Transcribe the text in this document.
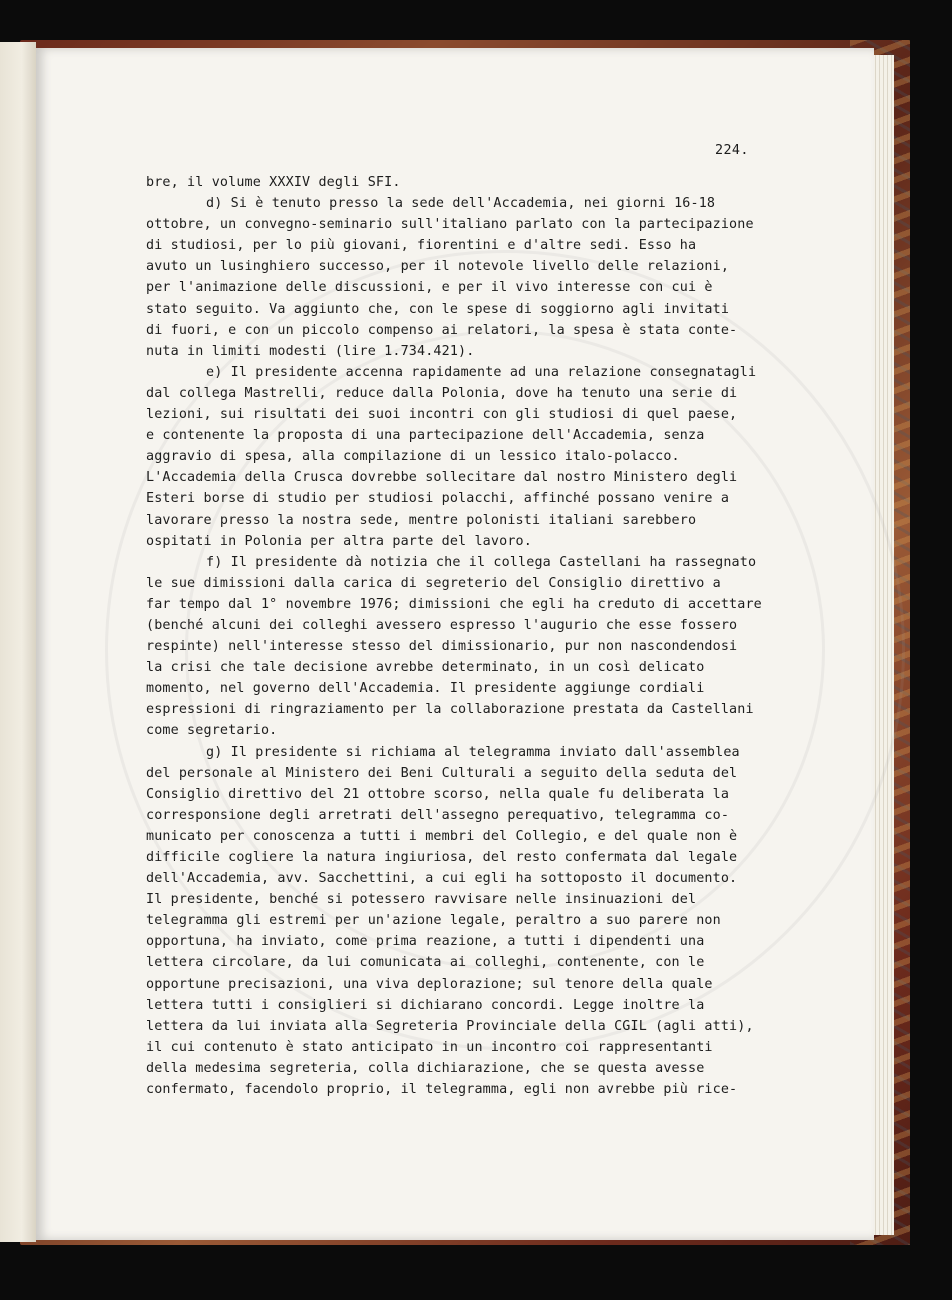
224.
bre, il volume XXXIV degli SFI.
d) Si è tenuto presso la sede dell'Accademia, nei giorni 16-18
ottobre, un convegno-seminario sull'italiano parlato con la partecipazione
di studiosi, per lo più giovani, fiorentini e d'altre sedi. Esso ha
avuto un lusinghiero successo, per il notevole livello delle relazioni,
per l'animazione delle discussioni, e per il vivo interesse con cui è
stato seguito. Va aggiunto che, con le spese di soggiorno agli invitati
di fuori, e con un piccolo compenso ai relatori, la spesa è stata conte-
nuta in limiti modesti (lire 1.734.421).
e) Il presidente accenna rapidamente ad una relazione consegnatagli
dal collega Mastrelli, reduce dalla Polonia, dove ha tenuto una serie di
lezioni, sui risultati dei suoi incontri con gli studiosi di quel paese,
e contenente la proposta di una partecipazione dell'Accademia, senza
aggravio di spesa, alla compilazione di un lessico italo-polacco.
L'Accademia della Crusca dovrebbe sollecitare dal nostro Ministero degli
Esteri borse di studio per studiosi polacchi, affinché possano venire a
lavorare presso la nostra sede, mentre polonisti italiani sarebbero
ospitati in Polonia per altra parte del lavoro.
f) Il presidente dà notizia che il collega Castellani ha rassegnato
le sue dimissioni dalla carica di segreterio del Consiglio direttivo a
far tempo dal 1° novembre 1976; dimissioni che egli ha creduto di accettare
(benché alcuni dei colleghi avessero espresso l'augurio che esse fossero
respinte) nell'interesse stesso del dimissionario, pur non nascondendosi
la crisi che tale decisione avrebbe determinato, in un così delicato
momento, nel governo dell'Accademia. Il presidente aggiunge cordiali
espressioni di ringraziamento per la collaborazione prestata da Castellani
come segretario.
g) Il presidente si richiama al telegramma inviato dall'assemblea
del personale al Ministero dei Beni Culturali a seguito della seduta del
Consiglio direttivo del 21 ottobre scorso, nella quale fu deliberata la
corresponsione degli arretrati dell'assegno perequativo, telegramma co-
municato per conoscenza a tutti i membri del Collegio, e del quale non è
difficile cogliere la natura ingiuriosa, del resto confermata dal legale
dell'Accademia, avv. Sacchettini, a cui egli ha sottoposto il documento.
Il presidente, benché si potessero ravvisare nelle insinuazioni del
telegramma gli estremi per un'azione legale, peraltro a suo parere non
opportuna, ha inviato, come prima reazione, a tutti i dipendenti una
lettera circolare, da lui comunicata ai colleghi, contenente, con le
opportune precisazioni, una viva deplorazione; sul tenore della quale
lettera tutti i consiglieri si dichiarano concordi. Legge inoltre la
lettera da lui inviata alla Segreteria Provinciale della CGIL (agli atti),
il cui contenuto è stato anticipato in un incontro coi rappresentanti
della medesima segreteria, colla dichiarazione, che se questa avesse
confermato, facendolo proprio, il telegramma, egli non avrebbe più rice-
